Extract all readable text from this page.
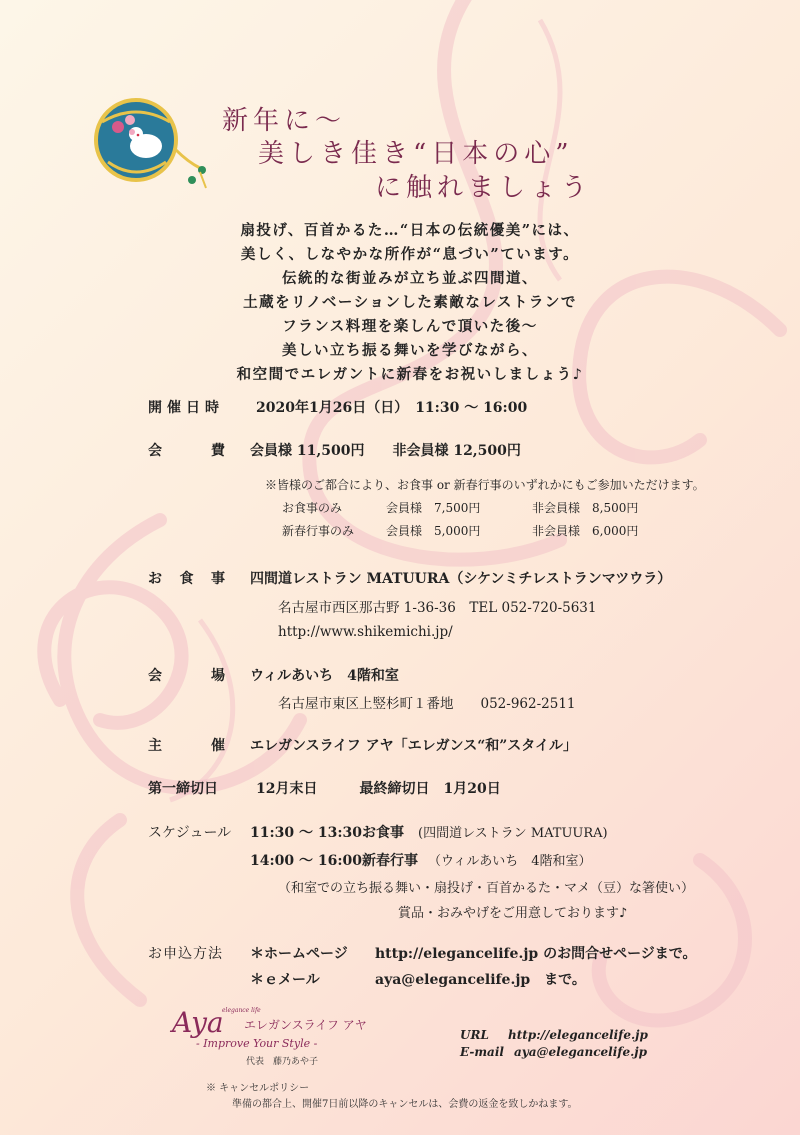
新年に～
美しき佳き“日本の心”
に触れましょう
扇投げ、百首かるた…“日本の伝統優美”には、
美しく、しなやかな所作が“息づい”ています。
伝統的な街並みが立ち並ぶ四間道、
土蔵をリノベーションした素敵なレストランで
フランス料理を楽しんで頂いた後～
美しい立ち振る舞いを学びながら、
和空間でエレガントに新春をお祝いしましょう♪
開催日時 2020年1月26日（日）　11:30 ～ 16:00
会	費 会員様 11,500円　　非会員様 12,500円
※皆様のご都合により、お食事 or 新春行事のいずれかにもご参加いただけます。
お食事のみ	会員様　7,500円	非会員様　8,500円
新春行事のみ	会員様　5,000円	非会員様　6,000円
お 食 事 四間道レストラン MATUURA（シケンミチレストランマツウラ）
名古屋市西区那古野 1-36-36　TEL 052-720-5631
http://www.shikemichi.jp/
会	場 ウィルあいち　4階和室
名古屋市東区上竪杉町１番地　　052-962-2511
主	催 エレガンスライフ アヤ「エレガンス“和”スタイル」
第一締切日	12月末日　　　最終締切日　1月20日
スケジュール 11:30 ～ 13:30 お食事 (四間道レストラン MATUURA)
14:00 ～ 16:00 新春行事 （ウィルあいち　4階和室）
（和室での立ち振る舞い・扇投げ・百首かるた・マメ（豆）な箸使い）
賞品・おみやげをご用意しております♪
お申込方法 ＊ホームページ http://elegancelife.jp のお問合せページまで。
＊ｅメール	aya@elegancelife.jp　まで。
elegance life
Aya エレガンスライフ アヤ
- Improve Your Style -
代表　藤乃あや子
URL http://elegancelife.jp
E-mail aya@elegancelife.jp
※ キャンセルポリシー
準備の都合上、開催7日前以降のキャンセルは、会費の返金を致しかねます。
